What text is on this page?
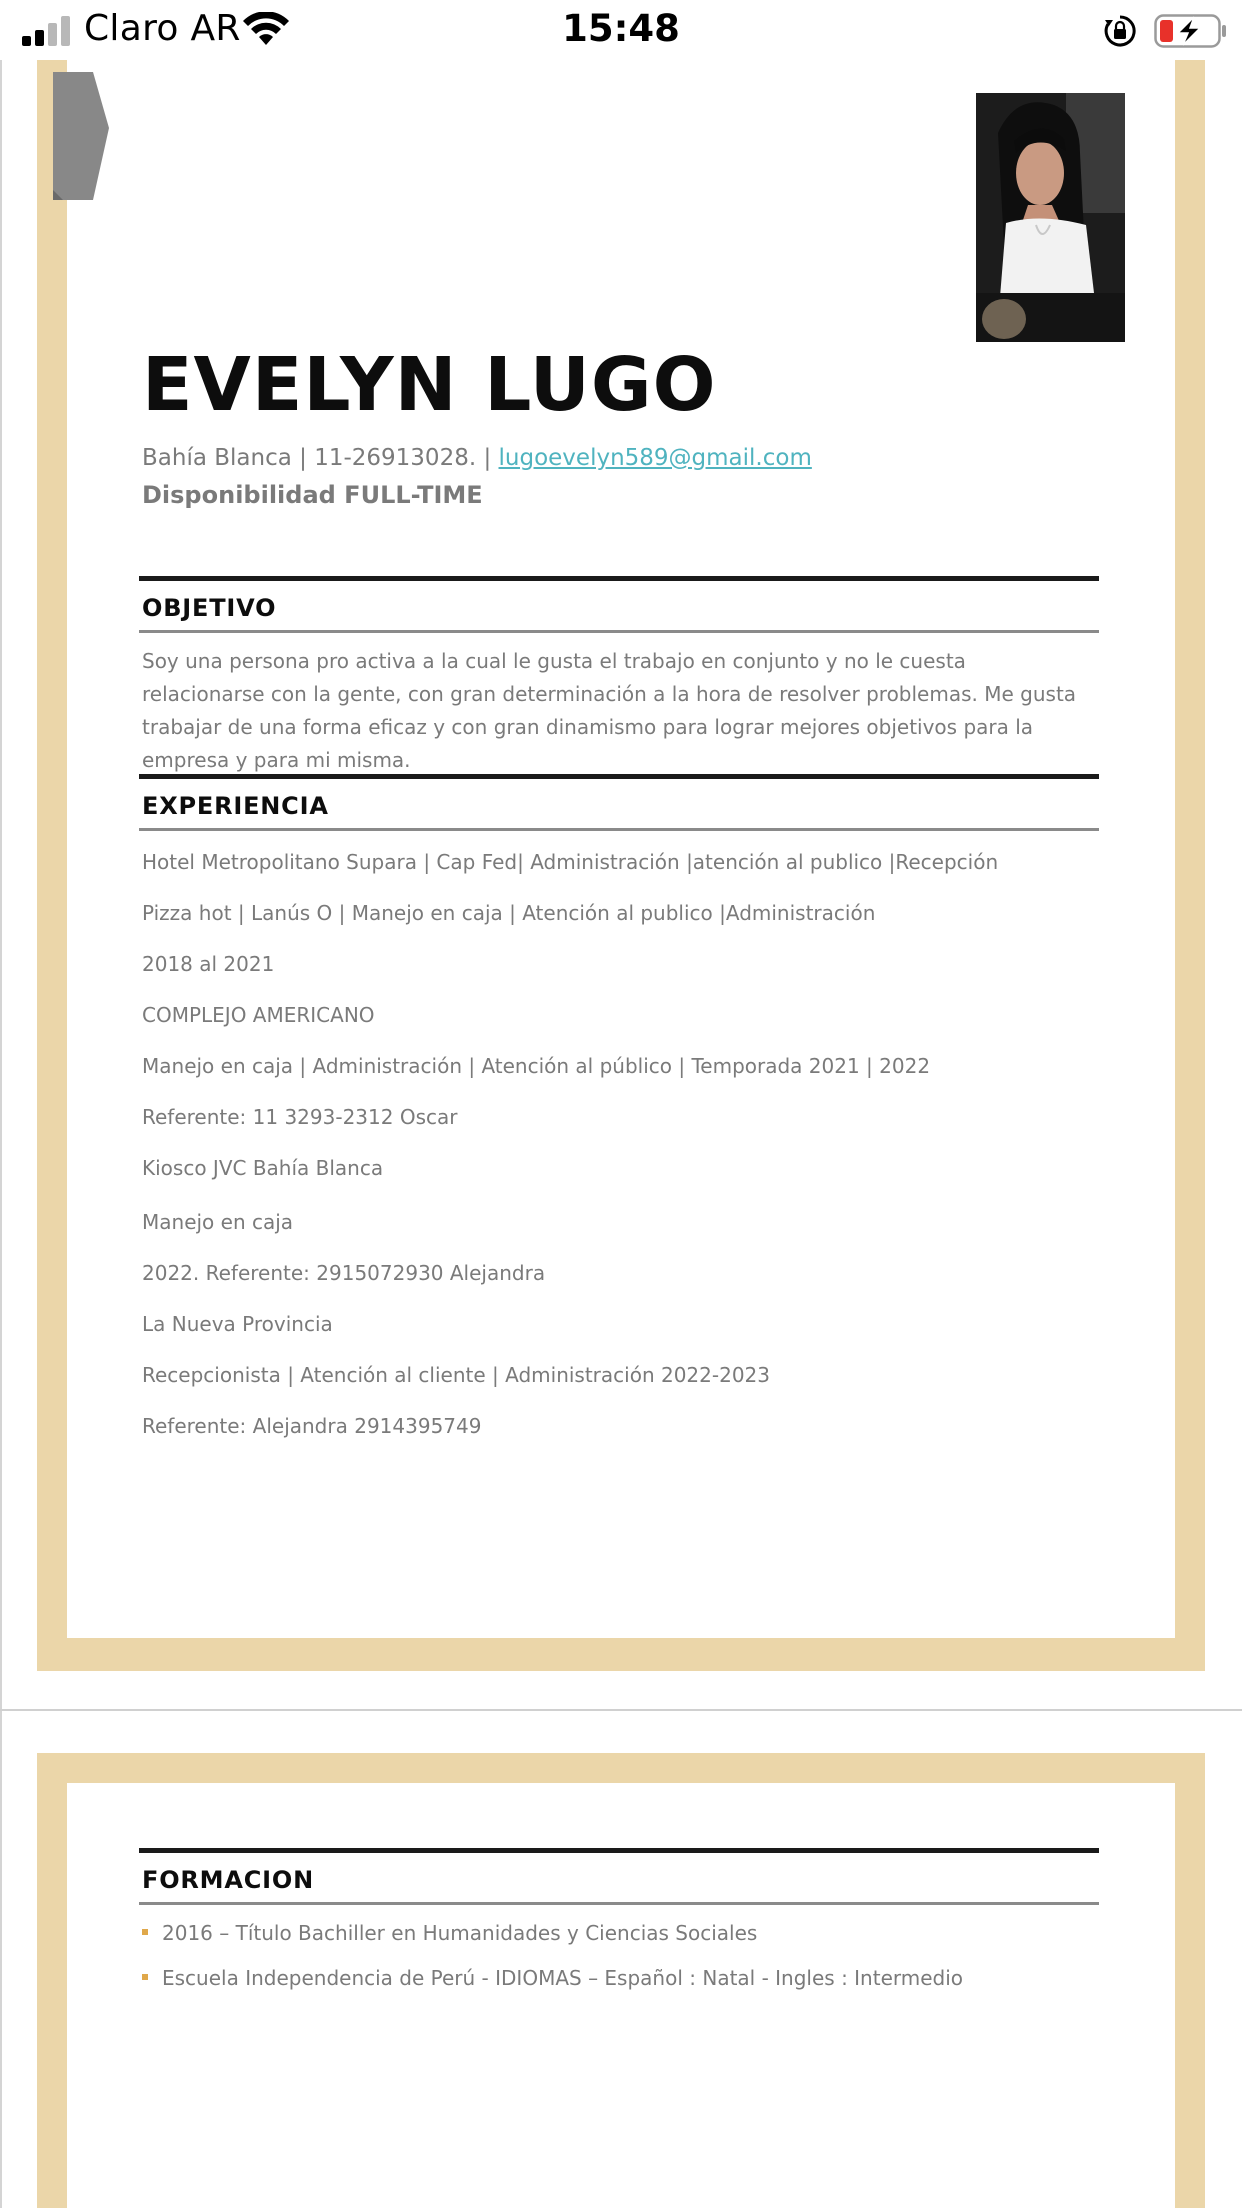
Claro AR	15:48
EVELYN LUGO
Bahía Blanca | 11-26913028. | lugoevelyn589@gmail.com
Disponibilidad FULL-TIME
OBJETIVO
Soy una persona pro activa a la cual le gusta el trabajo en conjunto y no le cuesta relacionarse con la gente, con gran determinación a la hora de resolver problemas. Me gusta trabajar de una forma eficaz y con gran dinamismo para lograr mejores objetivos para la empresa y para mi misma.
EXPERIENCIA
Hotel Metropolitano Supara | Cap Fed| Administración |atención al publico |Recepción
Pizza hot | Lanús O | Manejo en caja | Atención al publico |Administración
2018 al 2021
COMPLEJO AMERICANO
Manejo en caja | Administración | Atención al público | Temporada 2021 | 2022
Referente: 11 3293-2312 Oscar
Kiosco JVC Bahía Blanca
Manejo en caja
2022. Referente: 2915072930 Alejandra
La Nueva Provincia
Recepcionista | Atención al cliente | Administración 2022-2023
Referente: Alejandra 2914395749
FORMACION
2016 – Título Bachiller en Humanidades y Ciencias Sociales
Escuela Independencia de Perú - IDIOMAS – Español : Natal - Ingles : Intermedio
